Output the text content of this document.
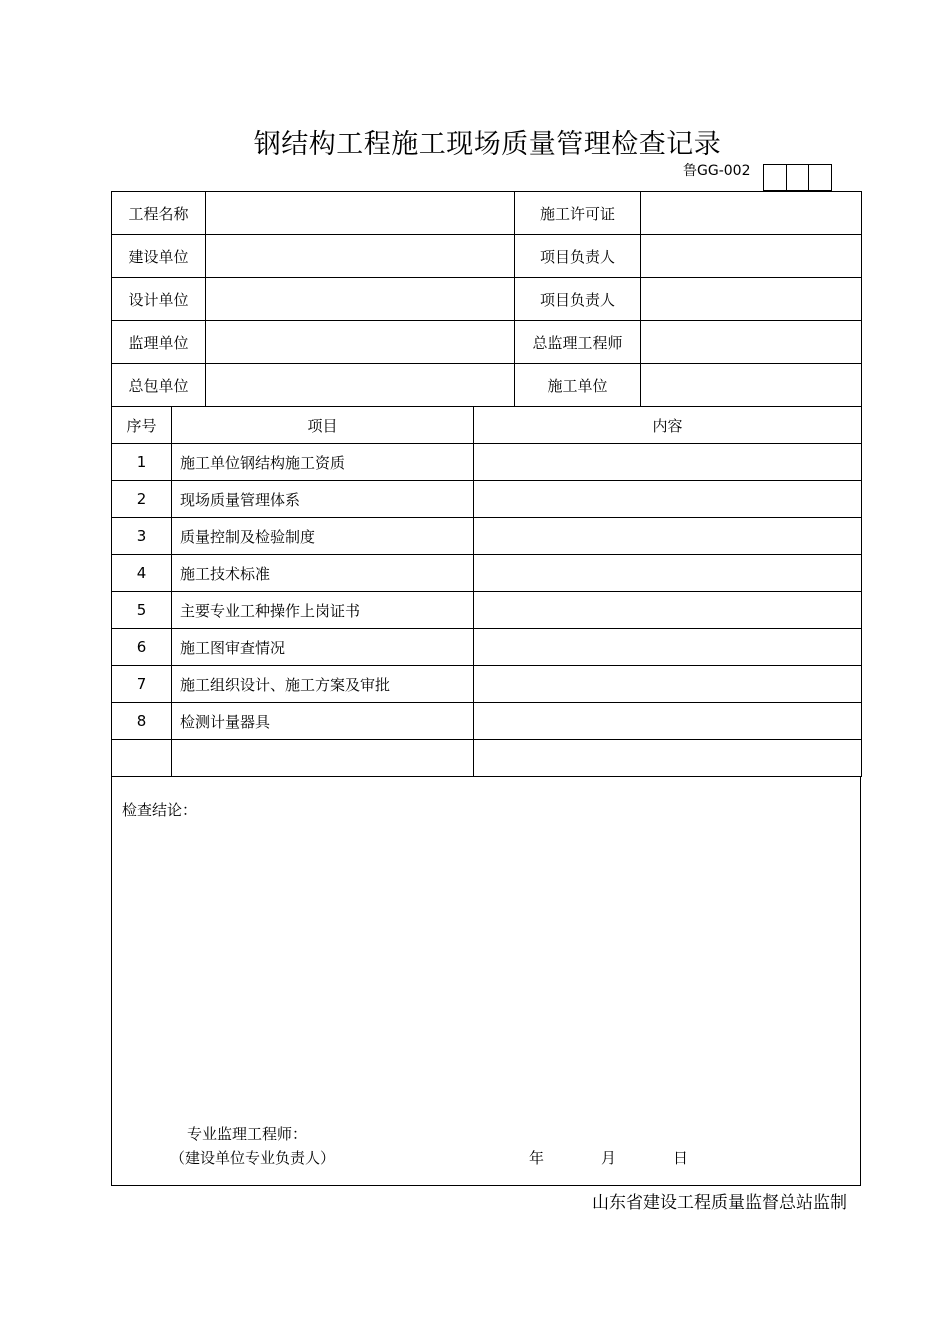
钢结构工程施工现场质量管理检查记录
鲁GG-002
工程名称		施工许可证	
建设单位		项目负责人	
设计单位		项目负责人	
监理单位		总监理工程师	
总包单位		施工单位	
序号	项目	内容
1	施工单位钢结构施工资质	
2	现场质量管理体系	
3	质量控制及检验制度	
4	施工技术标准	
5	主要专业工种操作上岗证书	
6	施工图审查情况	
7	施工组织设计、施工方案及审批	
8	检测计量器具	

检查结论：
专业监理工程师：
（建设单位专业负责人）	年	月	日
山东省建设工程质量监督总站监制
